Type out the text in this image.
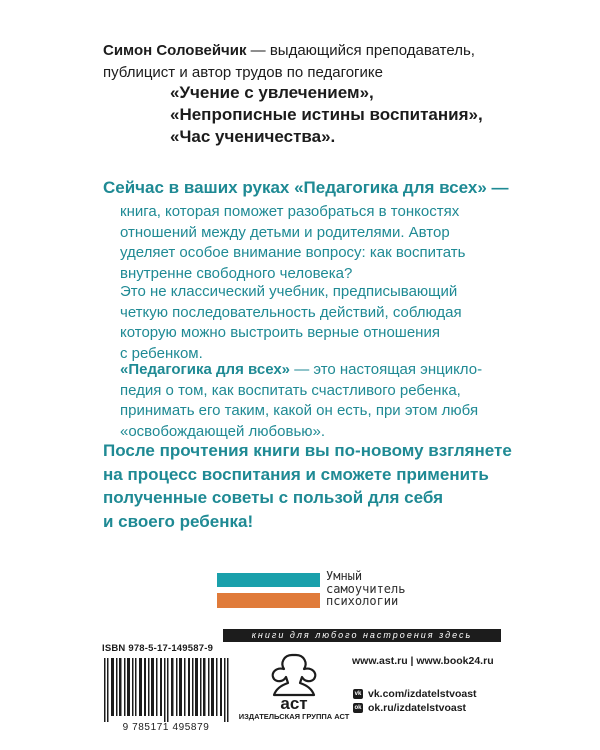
Симон Соловейчик — выдающийся преподаватель,
публицист и автор трудов по педагогике
«Учение с увлечением»,
«Непрописные истины воспитания»,
«Час ученичества».
Сейчас в ваших руках «Педагогика для всех» —
книга, которая поможет разобраться в тонкостях
отношений между детьми и родителями. Автор
уделяет особое внимание вопросу: как воспитать
внутренне свободного человека?
Это не классический учебник, предписывающий
четкую последовательность действий, соблюдая
которую можно выстроить верные отношения
с ребенком.
«Педагогика для всех» — это настоящая энцикло-
педия о том, как воспитать счастливого ребенка,
принимать его таким, какой он есть, при этом любя
«освобождающей любовью».
После прочтения книги вы по-новому взглянете
на процесс воспитания и сможете применить
полученные советы с пользой для себя
и своего ребенка!
Умный
самоучитель
психологии
ISBN 978-5-17-149587-9
книги для любого настроения здесь
9 785171 495879
аст
ИЗДАТЕЛЬСКАЯ ГРУППА АСТ
www.ast.ru | www.book24.ru
vk vk.com/izdatelstvoast
ok ok.ru/izdatelstvoast
